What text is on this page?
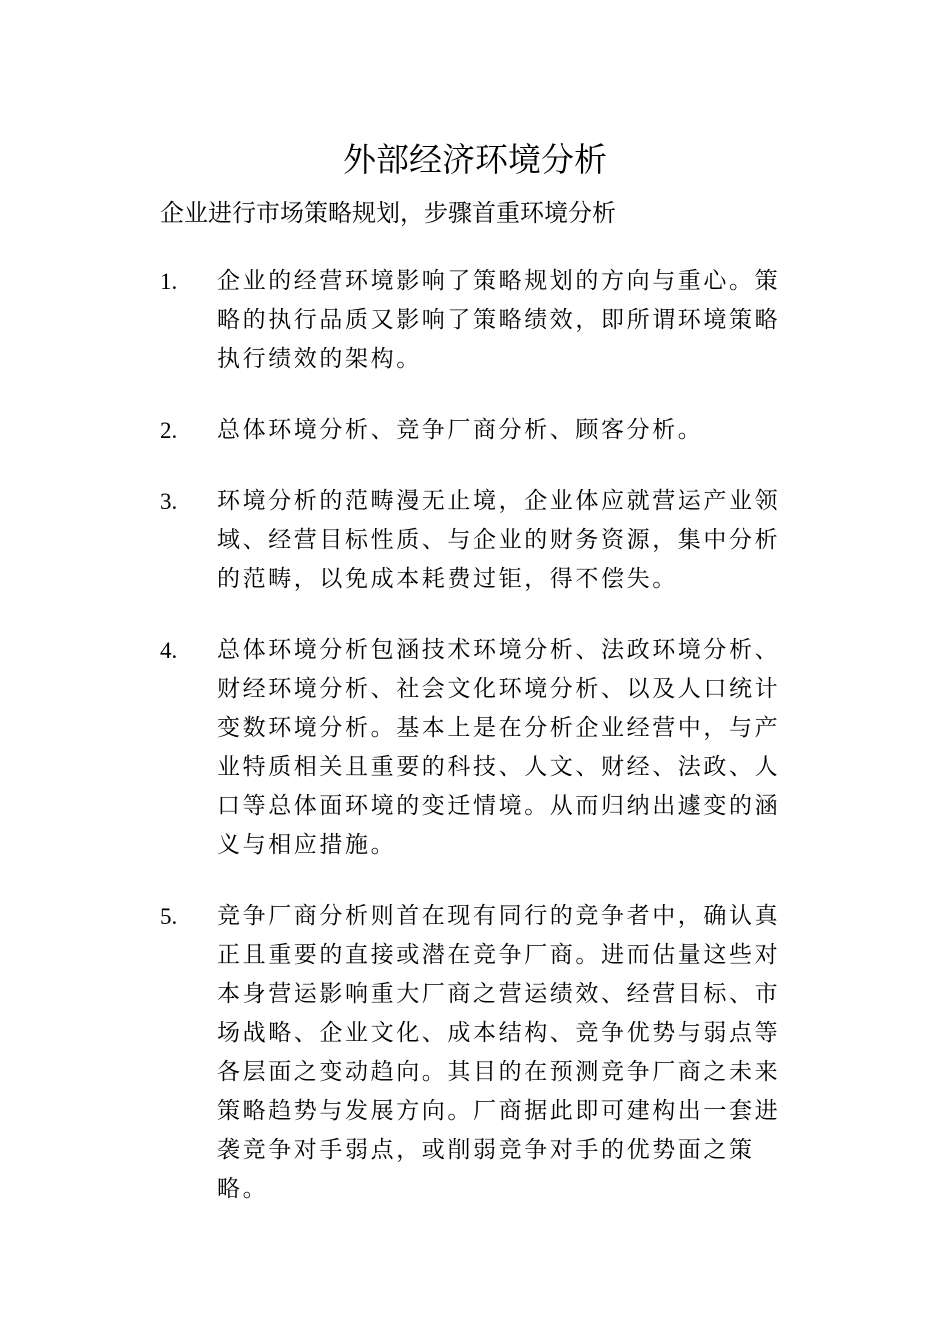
外部经济环境分析
企业进行市场策略规划，步骤首重环境分析
1. 企业的经营环境影响了策略规划的方向与重心。策略的执行品质又影响了策略绩效，即所谓环境策略执行绩效的架构。
2. 总体环境分析、竞争厂商分析、顾客分析。
3. 环境分析的范畴漫无止境，企业体应就营运产业领域、经营目标性质、与企业的财务资源，集中分析的范畴，以免成本耗费过钜，得不偿失。
4. 总体环境分析包涵技术环境分析、法政环境分析、财经环境分析、社会文化环境分析、以及人口统计变数环境分析。基本上是在分析企业经营中，与产业特质相关且重要的科技、人文、财经、法政、人口等总体面环境的变迁情境。从而归纳出遽变的涵义与相应措施。
5. 竞争厂商分析则首在现有同行的竞争者中，确认真正且重要的直接或潜在竞争厂商。进而估量这些对本身营运影响重大厂商之营运绩效、经营目标、市场战略、企业文化、成本结构、竞争优势与弱点等各层面之变动趋向。其目的在预测竞争厂商之未来策略趋势与发展方向。厂商据此即可建构出一套进袭竞争对手弱点，或削弱竞争对手的优势面之策略。
